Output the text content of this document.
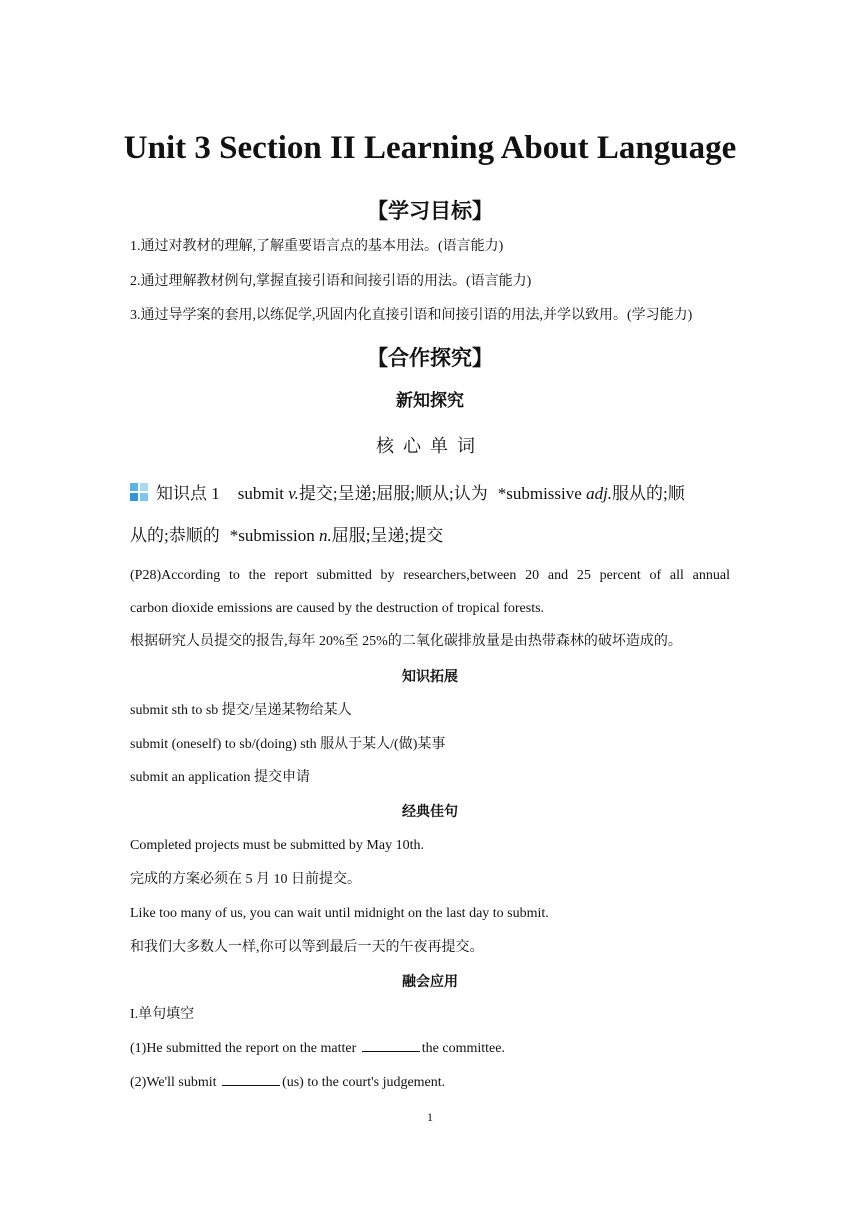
Unit 3 Section II Learning About Language
【学习目标】
1.通过对教材的理解,了解重要语言点的基本用法。(语言能力)
2.通过理解教材例句,掌握直接引语和间接引语的用法。(语言能力)
3.通过导学案的套用,以练促学,巩固内化直接引语和间接引语的用法,并学以致用。(学习能力)
【合作探究】
新知探究
核心单词
知识点 1 submit v.提交;呈递;屈服;顺从;认为 *submissive adj.服从的;顺
从的;恭顺的 *submission n.屈服;呈递;提交
(P28)According to the report submitted by researchers,between 20 and 25 percent of all annual
carbon dioxide emissions are caused by the destruction of tropical forests.
根据研究人员提交的报告,每年 20%至 25%的二氧化碳排放量是由热带森林的破坏造成的。
知识拓展
submit sth to sb 提交/呈递某物给某人
submit (oneself) to sb/(doing) sth 服从于某人/(做)某事
submit an application 提交申请
经典佳句
Completed projects must be submitted by May 10th.
完成的方案必须在 5 月 10 日前提交。
Like too many of us, you can wait until midnight on the last day to submit.
和我们大多数人一样,你可以等到最后一天的午夜再提交。
融会应用
I.单句填空
(1)He submitted the report on the matter	the committee.
(2)We'll submit	(us) to the court's judgement.
1
